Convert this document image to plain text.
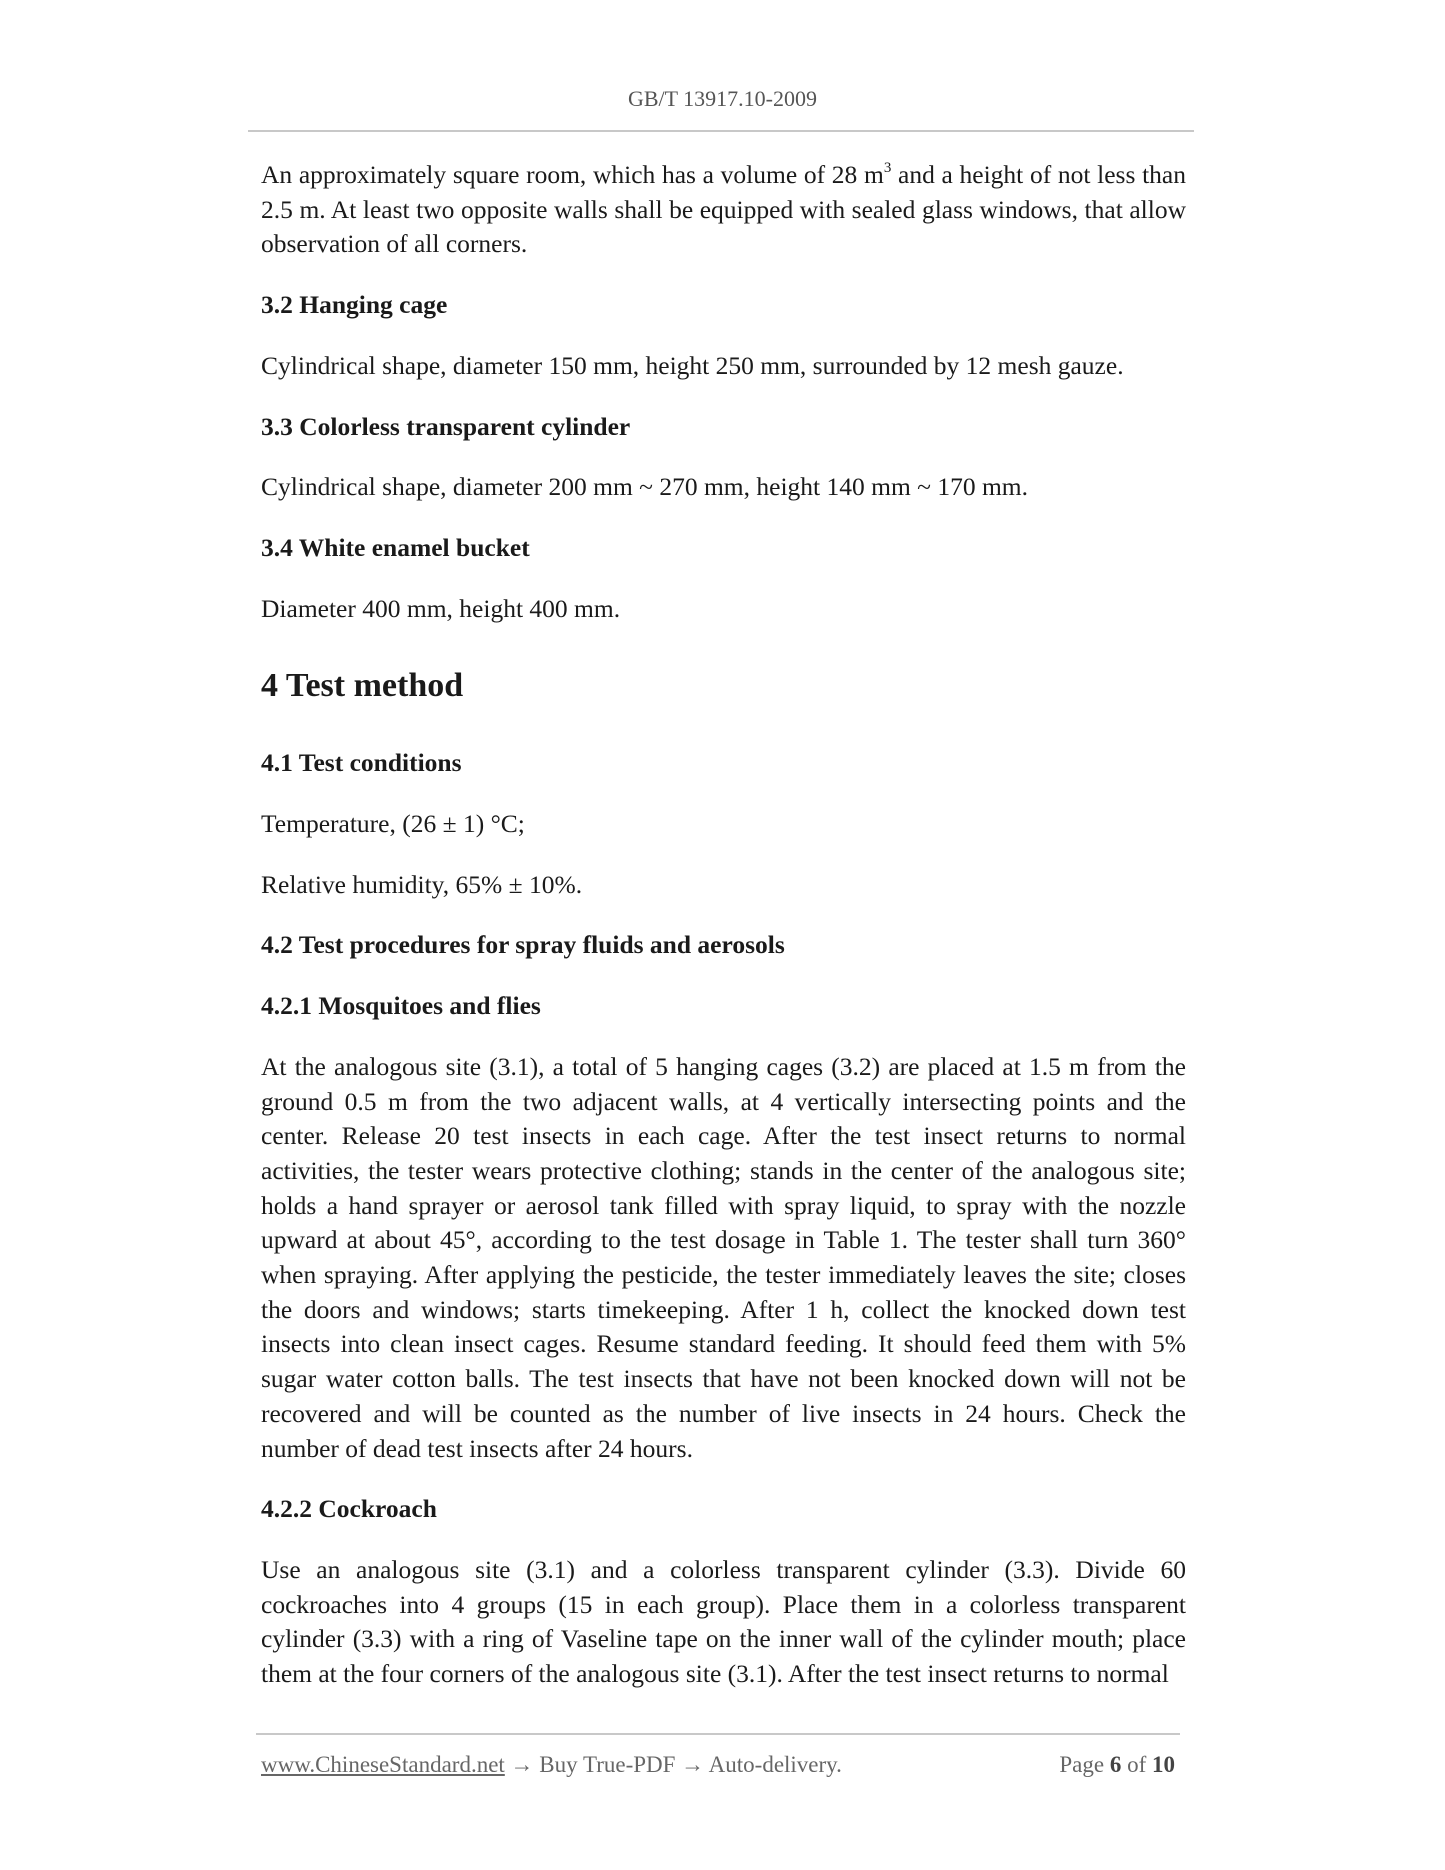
GB/T 13917.10-2009

An approximately square room, which has a volume of 28 $m^3$ and a height of not less than 2.5 m. At least two opposite walls shall be equipped with sealed glass windows, that allow observation of all corners.

3.2 Hanging cage

Cylindrical shape, diameter 150 mm, height 250 mm, surrounded by 12 mesh gauze.

3.3 Colorless transparent cylinder

Cylindrical shape, diameter 200 mm ~ 270 mm, height 140 mm ~ 170 mm.

3.4 White enamel bucket

Diameter 400 mm, height 400 mm.

4 Test method
4.1 Test conditions

Temperature, (26 ± 1) °C;

Relative humidity, 65% ± 10%.

4.2 Test procedures for spray fluids and aerosols
4.2.1 Mosquitoes and flies

At the analogous site (3.1), a total of 5 hanging cages (3.2) are placed at 1.5 m from the ground 0.5 m from the two adjacent walls, at 4 vertically intersecting points and the center. Release 20 test insects in each cage. After the test insect returns to normal activities, the tester wears protective clothing; stands in the center of the analogous site; holds a hand sprayer or aerosol tank filled with spray liquid, to spray with the nozzle upward at about 45°, according to the test dosage in Table 1. The tester shall turn 360° when spraying. After applying the pesticide, the tester immediately leaves the site; closes the doors and windows; starts timekeeping. After 1 h, collect the knocked down test insects into clean insect cages. Resume standard feeding. It should feed them with 5% sugar water cotton balls. The test insects that have not been knocked down will not be recovered and will be counted as the number of live insects in 24 hours. Check the number of dead test insects after 24 hours.

4.2.2 Cockroach

Use an analogous site (3.1) and a colorless transparent cylinder (3.3). Divide 60 cockroaches into 4 groups (15 in each group). Place them in a colorless transparent cylinder (3.3) with a ring of Vaseline tape on the inner wall of the cylinder mouth; place them at the four corners of the analogous site (3.1). After the test insect returns to normal

www.ChineseStandard.net → Buy True-PDF → Auto-delivery.	Page 6 of 10
